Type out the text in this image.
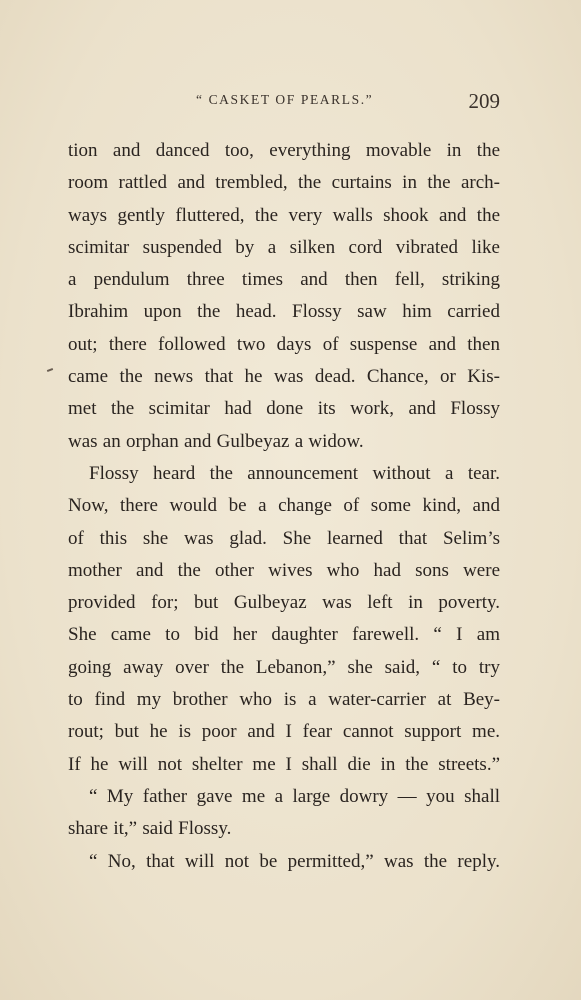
“ CASKET OF PEARLS.”	209
tion and danced too, everything movable in the
room rattled and trembled, the curtains in the arch-
ways gently fluttered, the very walls shook and the
scimitar suspended by a silken cord vibrated like
a pendulum three times and then fell, striking
Ibrahim upon the head. Flossy saw him carried
out; there followed two days of suspense and then
came the news that he was dead. Chance, or Kis-
met the scimitar had done its work, and Flossy
was an orphan and Gulbeyaz a widow.
Flossy heard the announcement without a tear.
Now, there would be a change of some kind, and
of this she was glad. She learned that Selim’s
mother and the other wives who had sons were
provided for; but Gulbeyaz was left in poverty.
She came to bid her daughter farewell. “ I am
going away over the Lebanon,” she said, “ to try
to find my brother who is a water-carrier at Bey-
rout; but he is poor and I fear cannot support me.
If he will not shelter me I shall die in the streets.”
“ My father gave me a large dowry — you shall
share it,” said Flossy.
“ No, that will not be permitted,” was the reply.
